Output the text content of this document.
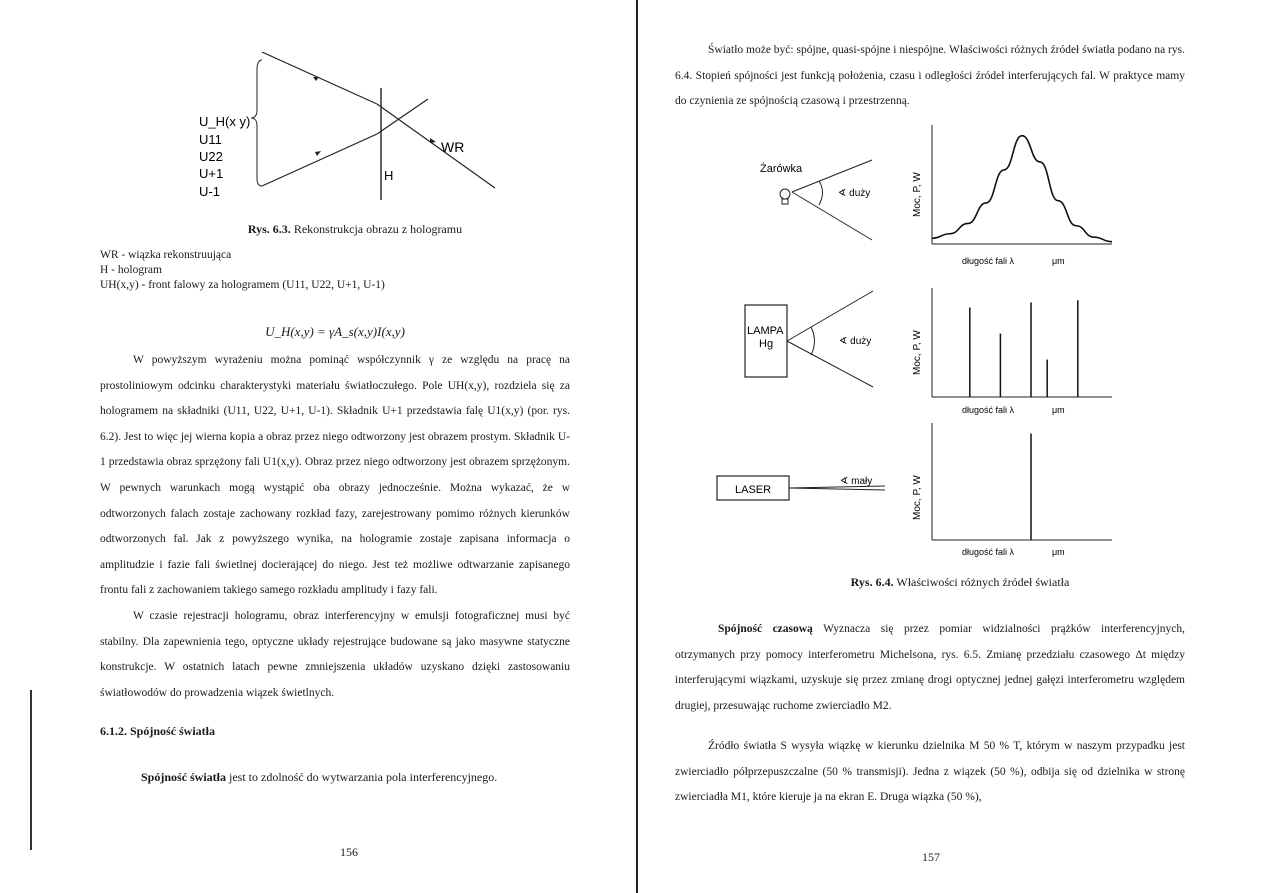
U_H(x y)
U11
U22
U+1
U-1
WR
H
Rys. 6.3. Rekonstrukcja obrazu z hologramu
WR - wiązka rekonstruująca
H - hologram
UH(x,y) - front falowy za hologramem (U11, U22, U+1, U-1)
U_H(x,y) = γA_s(x,y)I(x,y)
W powyższym wyrażeniu można pominąć współczynnik γ ze względu na pracę na prostoliniowym odcinku charakterystyki materiału światłoczułego. Pole UH(x,y), rozdziela się za hologramem na składniki (U11, U22, U+1, U-1). Składnik U+1 przedstawia falę U1(x,y) (por. rys. 6.2). Jest to więc jej wierna kopia a obraz przez niego odtworzony jest obrazem prostym. Składnik U-1 przedstawia obraz sprzężony fali U1(x,y). Obraz przez niego odtworzony jest obrazem sprzężonym. W pewnych warunkach mogą wystąpić oba obrazy jednocześnie. Można wykazać, że w odtworzonych falach zostaje zachowany rozkład fazy, zarejestrowany pomimo różnych kierunków odtworzonych fal. Jak z powyższego wynika, na hologramie zostaje zapisana informacja o amplitudzie i fazie fali świetlnej docierającej do niego. Jest też możliwe odtwarzanie zapisanego frontu fali z zachowaniem takiego samego rozkładu amplitudy i fazy fali.
W czasie rejestracji hologramu, obraz interferencyjny w emulsji fotograficznej musi być stabilny. Dla zapewnienia tego, optyczne układy rejestrujące budowane są jako masywne statyczne konstrukcje. W ostatnich latach pewne zmniejszenia układów uzyskano dzięki zastosowaniu światłowodów do prowadzenia wiązek świetlnych.
6.1.2. Spójność światła
Spójność światła jest to zdolność do wytwarzania pola interferencyjnego.
156
Światło może być: spójne, quasi-spójne i niespójne. Właściwości różnych źródeł światła podano na rys. 6.4. Stopień spójności jest funkcją położenia, czasu i odległości źródeł interferujących fal. W praktyce mamy do czynienia ze spójnością czasową i przestrzenną.
Żarówka
∢ duży
LAMPA
Hg	∢ duży
LASER
∢ mały
Moc, P, W
długość fali λ	μm
Moc, P, W
długość fali λ	μm
Moc, P, W
długość fali λ	μm
Rys. 6.4. Właściwości różnych źródeł światła
Spójność czasową Wyznacza się przez pomiar widzialności prążków interferencyjnych, otrzymanych przy pomocy interferometru Michelsona, rys. 6.5. Zmianę przedziału czasowego Δt między interferującymi wiązkami, uzyskuje się przez zmianę drogi optycznej jednej gałęzi interferometru względem drugiej, przesuwając ruchome zwierciadło M2.
Źródło światła S wysyła wiązkę w kierunku dzielnika M 50 % T, którym w naszym przypadku jest zwierciadło półprzepuszczalne (50 % transmisji). Jedna z wiązek (50 %), odbija się od dzielnika w stronę zwierciadła M1, które kieruje ja na ekran E. Druga wiązka (50 %),
157
